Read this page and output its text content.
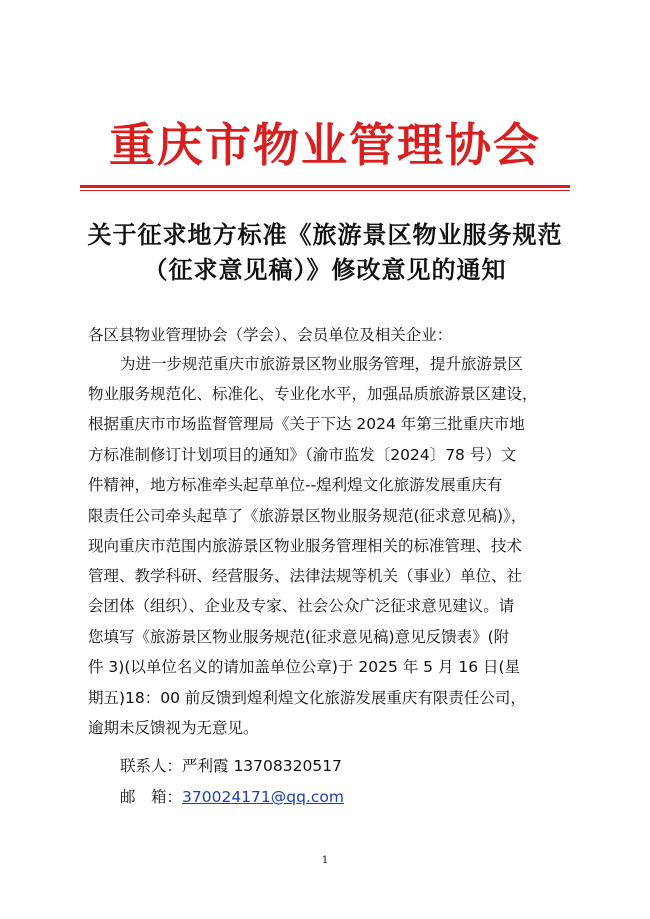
重庆市物业管理协会
关于征求地方标准《旅游景区物业服务规范
（征求意见稿）》修改意见的通知
各区县物业管理协会（学会）、会员单位及相关企业：
为进一步规范重庆市旅游景区物业服务管理，提升旅游景区
物业服务规范化、标准化、专业化水平，加强品质旅游景区建设，
根据重庆市市场监督管理局《关于下达 2024 年第三批重庆市地
方标准制修订计划项目的通知》（渝市监发〔2024〕78 号）文
件精神，地方标准牵头起草单位--煌利煌文化旅游发展重庆有
限责任公司牵头起草了《旅游景区物业服务规范(征求意见稿)》，
现向重庆市范围内旅游景区物业服务管理相关的标准管理、技术
管理、教学科研、经营服务、法律法规等机关（事业）单位、社
会团体（组织）、企业及专家、社会公众广泛征求意见建议。请
您填写《旅游景区物业服务规范(征求意见稿)意见反馈表》(附
件 3)(以单位名义的请加盖单位公章)于 2025 年 5 月 16 日(星
期五)18：00 前反馈到煌利煌文化旅游发展重庆有限责任公司，
逾期未反馈视为无意见。
联系人：严利霞 13708320517
邮　箱：370024171@qq.com
1
